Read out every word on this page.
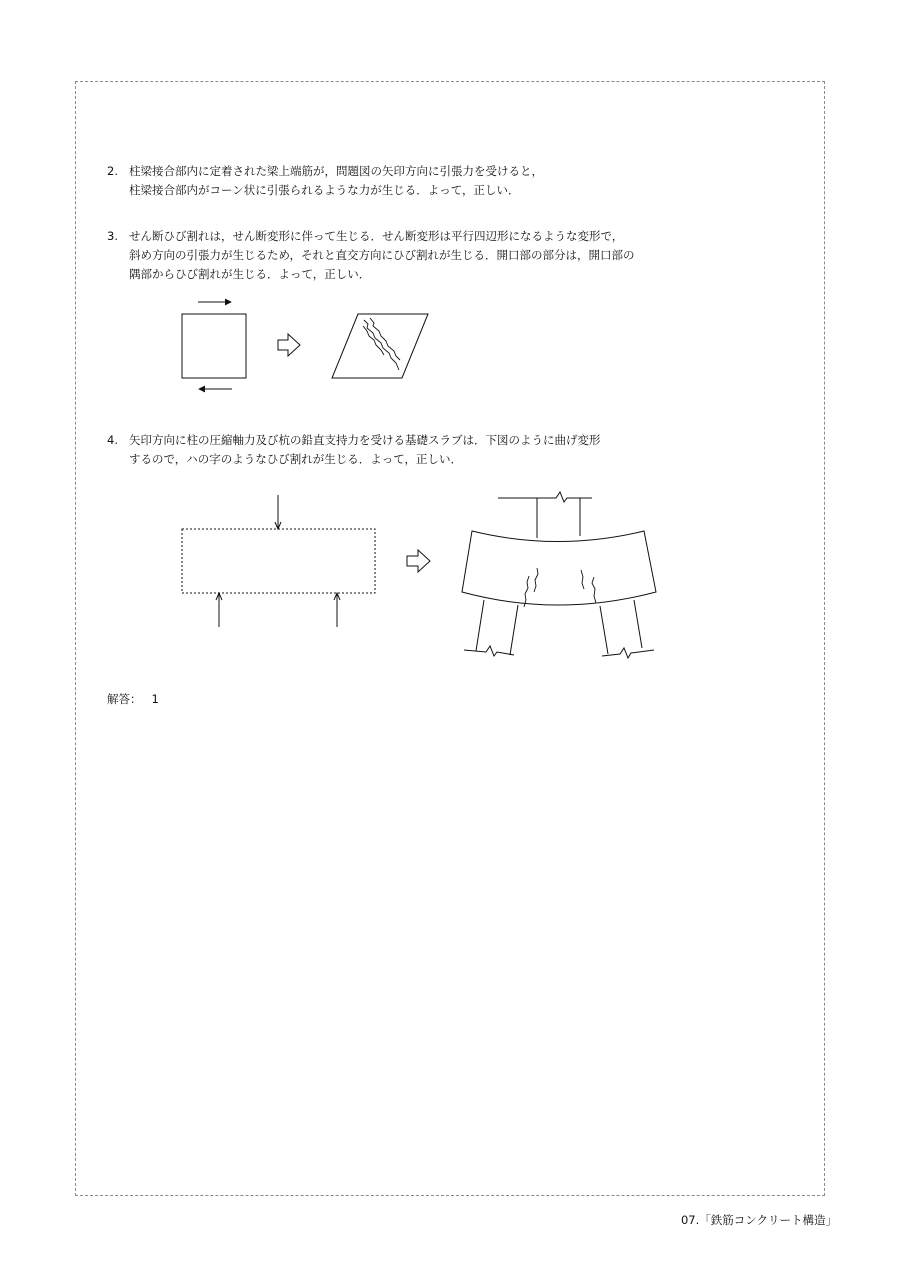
2. 柱梁接合部内に定着された梁上端筋が，問題図の矢印方向に引張力を受けると，
柱梁接合部内がコーン状に引張られるような力が生じる．よって，正しい．
3. せん断ひび割れは，せん断変形に伴って生じる．せん断変形は平行四辺形になるような変形で，
斜め方向の引張力が生じるため，それと直交方向にひび割れが生じる．開口部の部分は，開口部の
隅部からひび割れが生じる．よって，正しい．
4. 矢印方向に柱の圧縮軸力及び杭の鉛直支持力を受ける基礎スラブは．下図のように曲げ変形
するので，ハの字のようなひび割れが生じる．よって，正しい．
解答： 1
07.「鉄筋コンクリート構造」
